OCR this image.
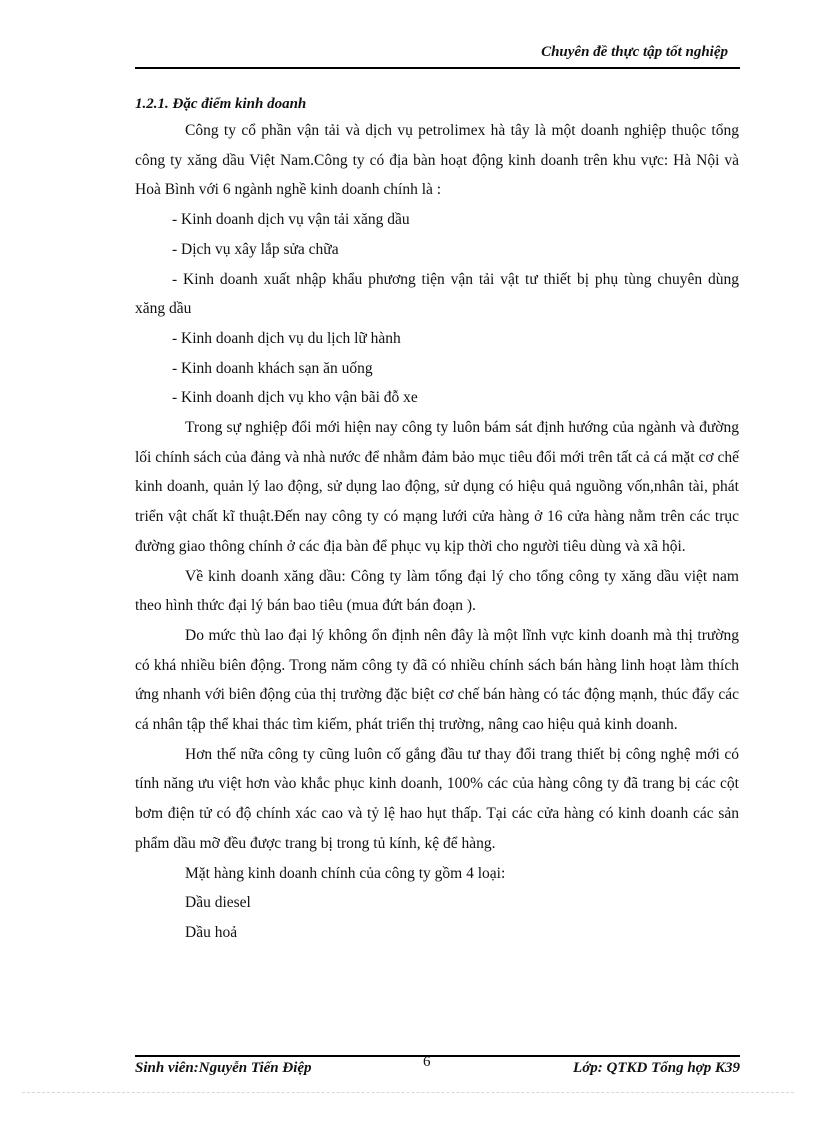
Chuyên đề thực tập tốt nghiệp
1.2.1. Đặc điểm kinh doanh

Công ty cổ phần vận tải và dịch vụ petrolimex hà tây là một doanh nghiệp thuộc tổng công ty xăng dầu Việt Nam.Công ty có địa bàn hoạt động kinh doanh trên khu vực: Hà Nội và Hoà Bình với 6 ngành nghề kinh doanh chính là :

- Kinh doanh dịch vụ vận tải xăng dầu

- Dịch vụ xây lắp sửa chữa

- Kinh doanh xuất nhập khẩu phương tiện vận tải vật tư thiết bị phụ tùng chuyên dùng xăng dầu

- Kinh doanh dịch vụ du lịch lữ hành

- Kinh doanh khách sạn ăn uống

- Kinh doanh dịch vụ kho vận bãi đỗ xe

Trong sự nghiệp đổi mới hiện nay công ty luôn bám sát định hướng của ngành và đường lối chính sách của đảng và nhà nước để nhằm đảm bảo mục tiêu đổi mới trên tất cả cá mặt cơ chế kinh doanh, quản lý lao động, sử dụng lao động, sử dụng có hiệu quả nguồng vốn,nhân tài, phát triển vật chất kĩ thuật.Đến nay công ty có mạng lưới cửa hàng ở 16 cửa hàng nằm trên các trục đường giao thông chính ở các địa bàn để phục vụ kịp thời cho người tiêu dùng và xã hội.

Về kinh doanh xăng dầu: Công ty làm tổng đại lý cho tổng công ty xăng dầu việt nam theo hình thức đại lý bán bao tiêu (mua đứt bán đoạn ).

Do mức thù lao đại lý không ổn định nên đây là một lĩnh vực kinh doanh mà thị trường có khá nhiều biên động. Trong năm công ty đã có nhiều chính sách bán hàng linh hoạt làm thích ứng nhanh với biên động của thị trường đặc biệt cơ chế bán hàng có tác động mạnh, thúc đẩy các cá nhân tập thể khai thác tìm kiếm, phát triển thị trường, nâng cao hiệu quả kinh doanh.

Hơn thế nữa công ty cũng luôn cố gắng đầu tư thay đổi trang thiết bị công nghệ mới có tính năng ưu việt hơn vào khắc phục kinh doanh, 100% các của hàng công ty đã trang bị các cột bơm điện tử có độ chính xác cao và tỷ lệ hao hụt thấp. Tại các cửa hàng có kinh doanh các sản phẩm dầu mỡ đều được trang bị trong tủ kính, kệ để hàng.

Mặt hàng kinh doanh chính của công ty gồm 4 loại:

Dầu diesel

Dầu hoả

Sinh viên:Nguyễn Tiến Điệp	6	Lớp: QTKD Tổng hợp K39
